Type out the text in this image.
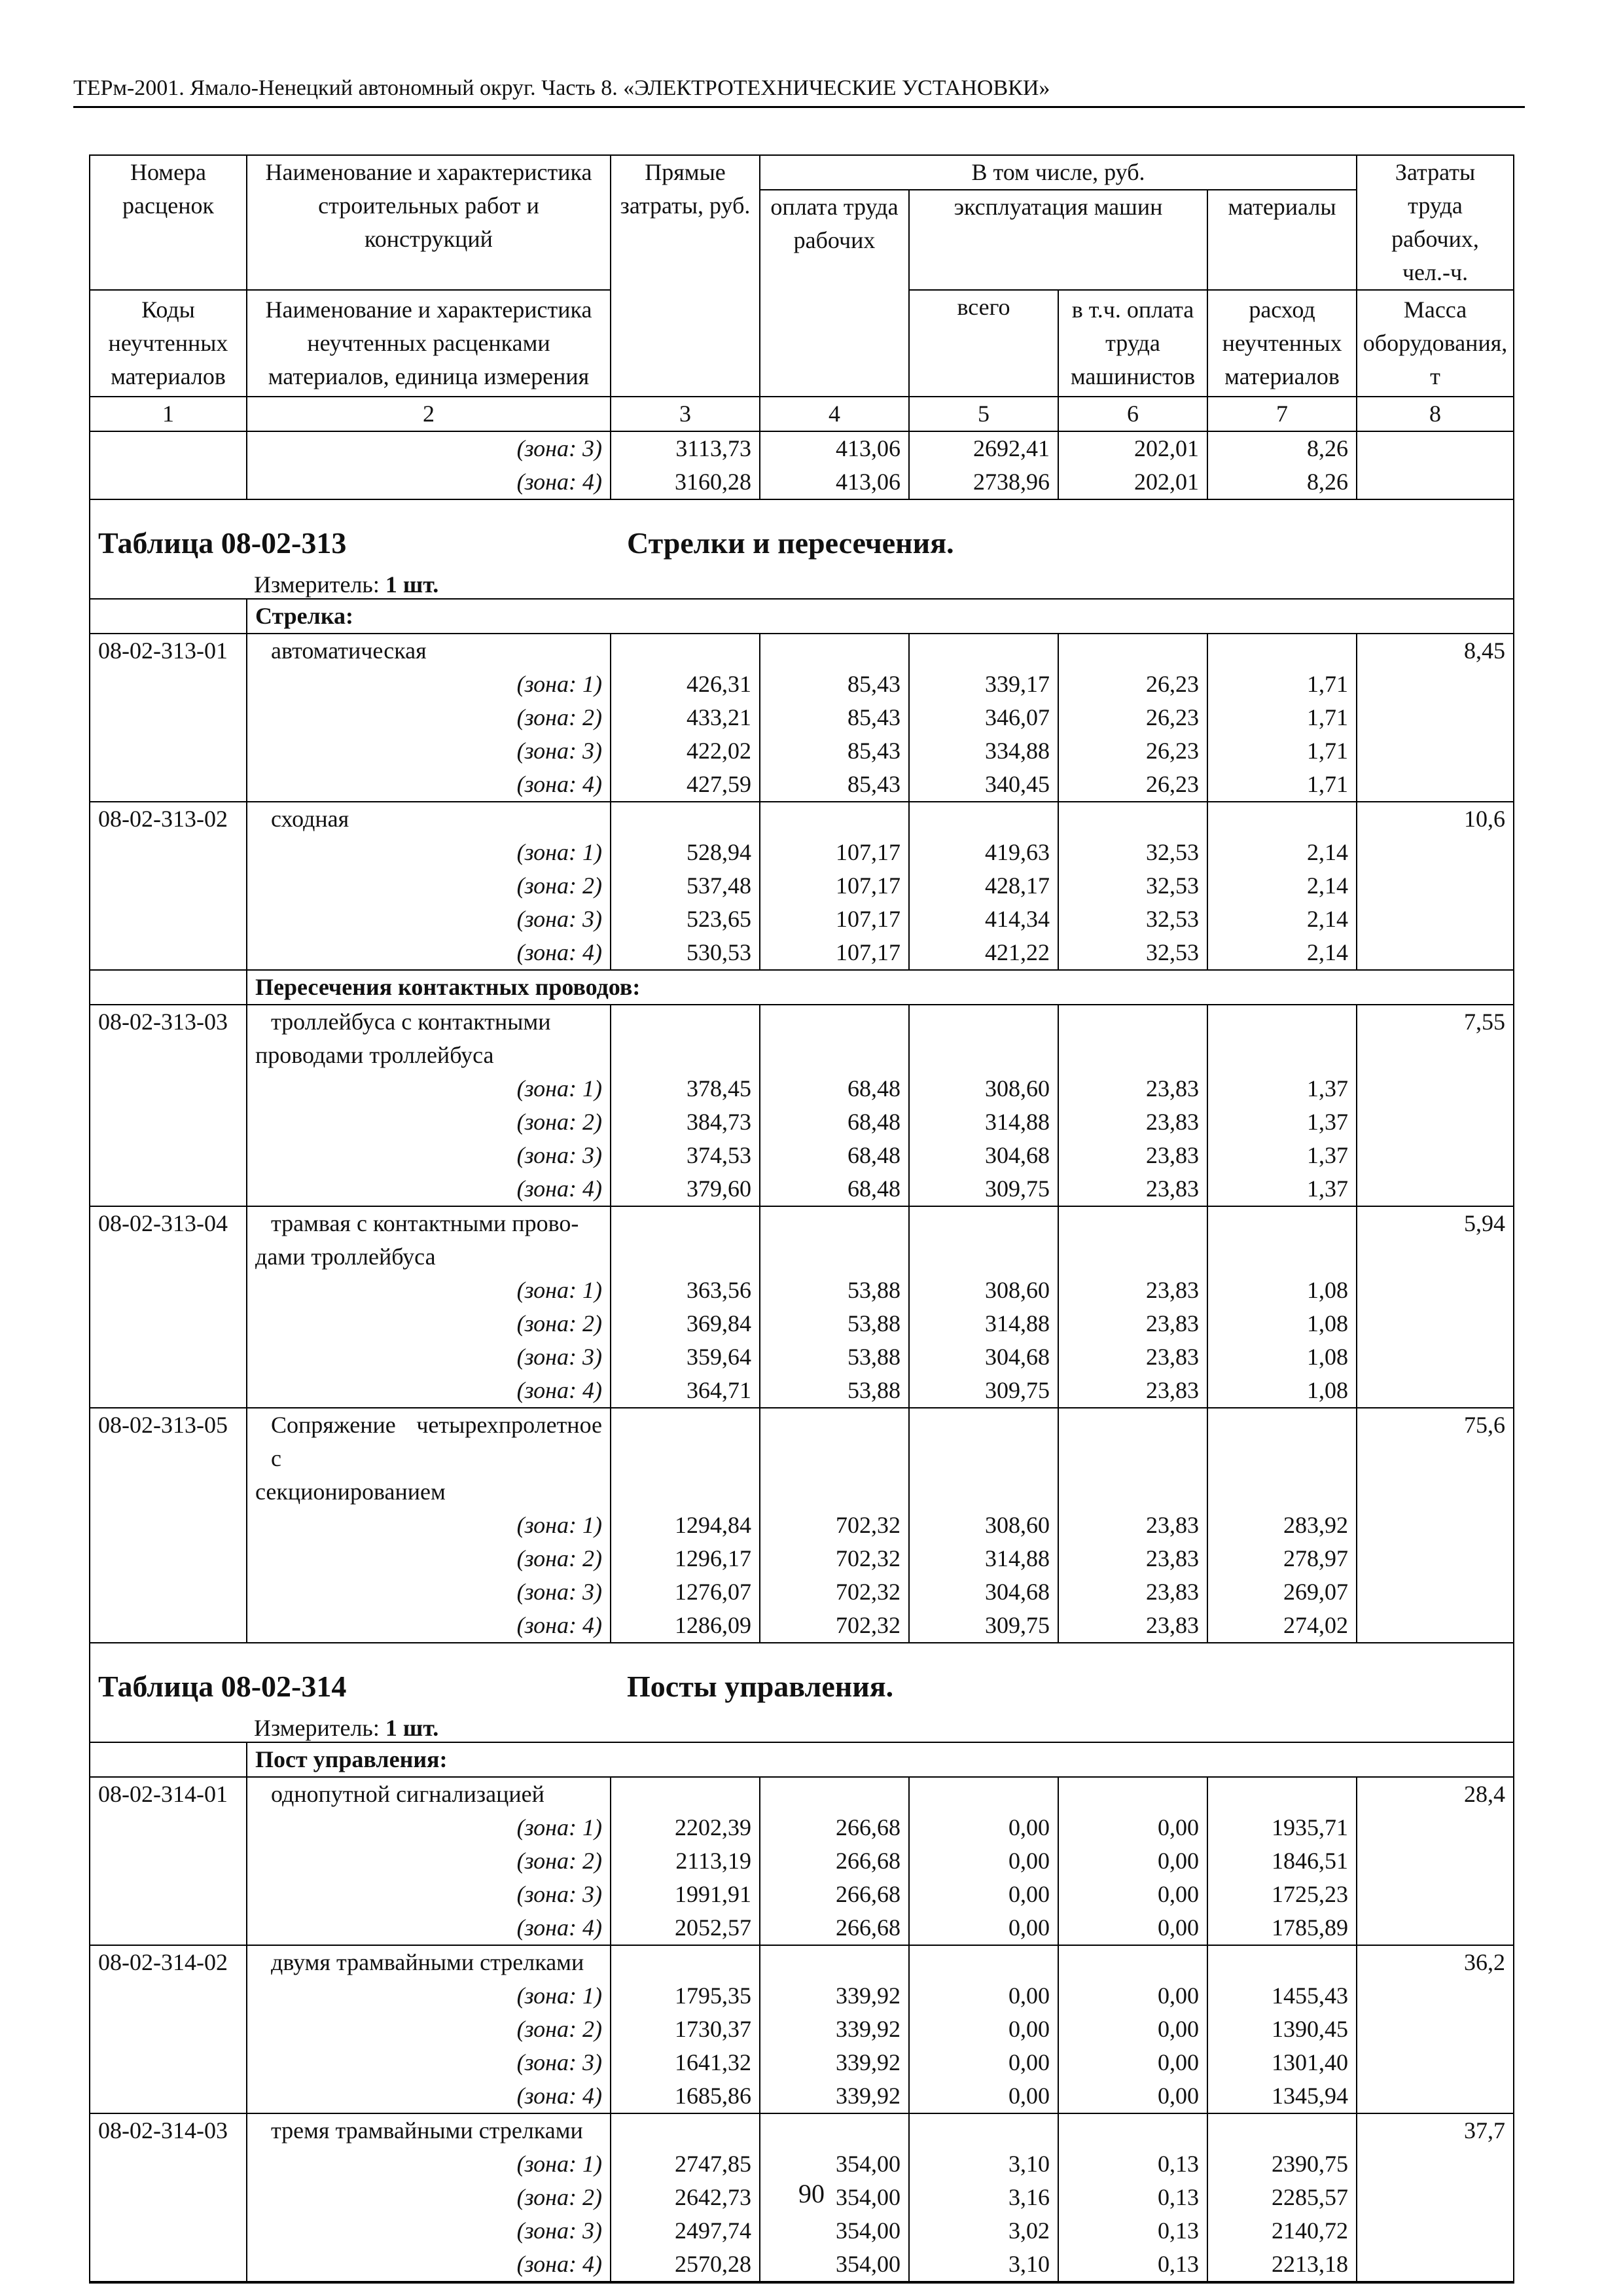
ТЕРм-2001. Ямало-Ненецкий автономный округ. Часть 8. «ЭЛЕКТРОТЕХНИЧЕСКИЕ УСТАНОВКИ»
Номера расценок	Наименование и характеристика строительных работ и конструкций	Прямые затраты, руб.	В том числе, руб.				Затраты труда рабочих, чел.-ч.
			оплата труда рабочих	эксплуатация машин		материалы	
Коды неучтенных материалов	Наименование и характеристика неучтенных расценками материалов, единица измерения			всего	в т.ч. оплата труда машинистов	расход неучтенных материалов	Масса оборудования, т
1	2	3	4	5	6	7	8
	(зона: 3)	3113,73	413,06	2692,41	202,01	8,26	
	(зона: 4)	3160,28	413,06	2738,96	202,01	8,26	

Таблица 08-02-313 Стрелки и пересечения.
Измеритель: 1 шт.							

	Стрелка:						
08-02-313-01	автоматическая						8,45
	(зона: 1)	426,31	85,43	339,17	26,23	1,71	
	(зона: 2)	433,21	85,43	346,07	26,23	1,71	
	(зона: 3)	422,02	85,43	334,88	26,23	1,71	
	(зона: 4)	427,59	85,43	340,45	26,23	1,71	
08-02-313-02	сходная						10,6
	(зона: 1)	528,94	107,17	419,63	32,53	2,14	
	(зона: 2)	537,48	107,17	428,17	32,53	2,14	
	(зона: 3)	523,65	107,17	414,34	32,53	2,14	
	(зона: 4)	530,53	107,17	421,22	32,53	2,14	
	Пересечения контактных проводов:						
08-02-313-03	троллейбуса с контактными						7,55
	проводами троллейбуса						
	(зона: 1)	378,45	68,48	308,60	23,83	1,37	
	(зона: 2)	384,73	68,48	314,88	23,83	1,37	
	(зона: 3)	374,53	68,48	304,68	23,83	1,37	
	(зона: 4)	379,60	68,48	309,75	23,83	1,37	
08-02-313-04	трамвая с контактными прово-						5,94
	дами троллейбуса						
	(зона: 1)	363,56	53,88	308,60	23,83	1,08	
	(зона: 2)	369,84	53,88	314,88	23,83	1,08	
	(зона: 3)	359,64	53,88	304,68	23,83	1,08	
	(зона: 4)	364,71	53,88	309,75	23,83	1,08	
08-02-313-05	Сопряжение четырехпролетное с						75,6
	секционированием						
	(зона: 1)	1294,84	702,32	308,60	23,83	283,92	
	(зона: 2)	1296,17	702,32	314,88	23,83	278,97	
	(зона: 3)	1276,07	702,32	304,68	23,83	269,07	
	(зона: 4)	1286,09	702,32	309,75	23,83	274,02	

Таблица 08-02-314 Посты управления.
Измеритель: 1 шт.							

	Пост управления:						
08-02-314-01	однопутной сигнализацией						28,4
	(зона: 1)	2202,39	266,68	0,00	0,00	1935,71	
	(зона: 2)	2113,19	266,68	0,00	0,00	1846,51	
	(зона: 3)	1991,91	266,68	0,00	0,00	1725,23	
	(зона: 4)	2052,57	266,68	0,00	0,00	1785,89	
08-02-314-02	двумя трамвайными стрелками						36,2
	(зона: 1)	1795,35	339,92	0,00	0,00	1455,43	
	(зона: 2)	1730,37	339,92	0,00	0,00	1390,45	
	(зона: 3)	1641,32	339,92	0,00	0,00	1301,40	
	(зона: 4)	1685,86	339,92	0,00	0,00	1345,94	
08-02-314-03	тремя трамвайными стрелками						37,7
	(зона: 1)	2747,85	354,00	3,10	0,13	2390,75	
	(зона: 2)	2642,73	354,00	3,16	0,13	2285,57	
	(зона: 3)	2497,74	354,00	3,02	0,13	2140,72	
	(зона: 4)	2570,28	354,00	3,10	0,13	2213,18	
90
